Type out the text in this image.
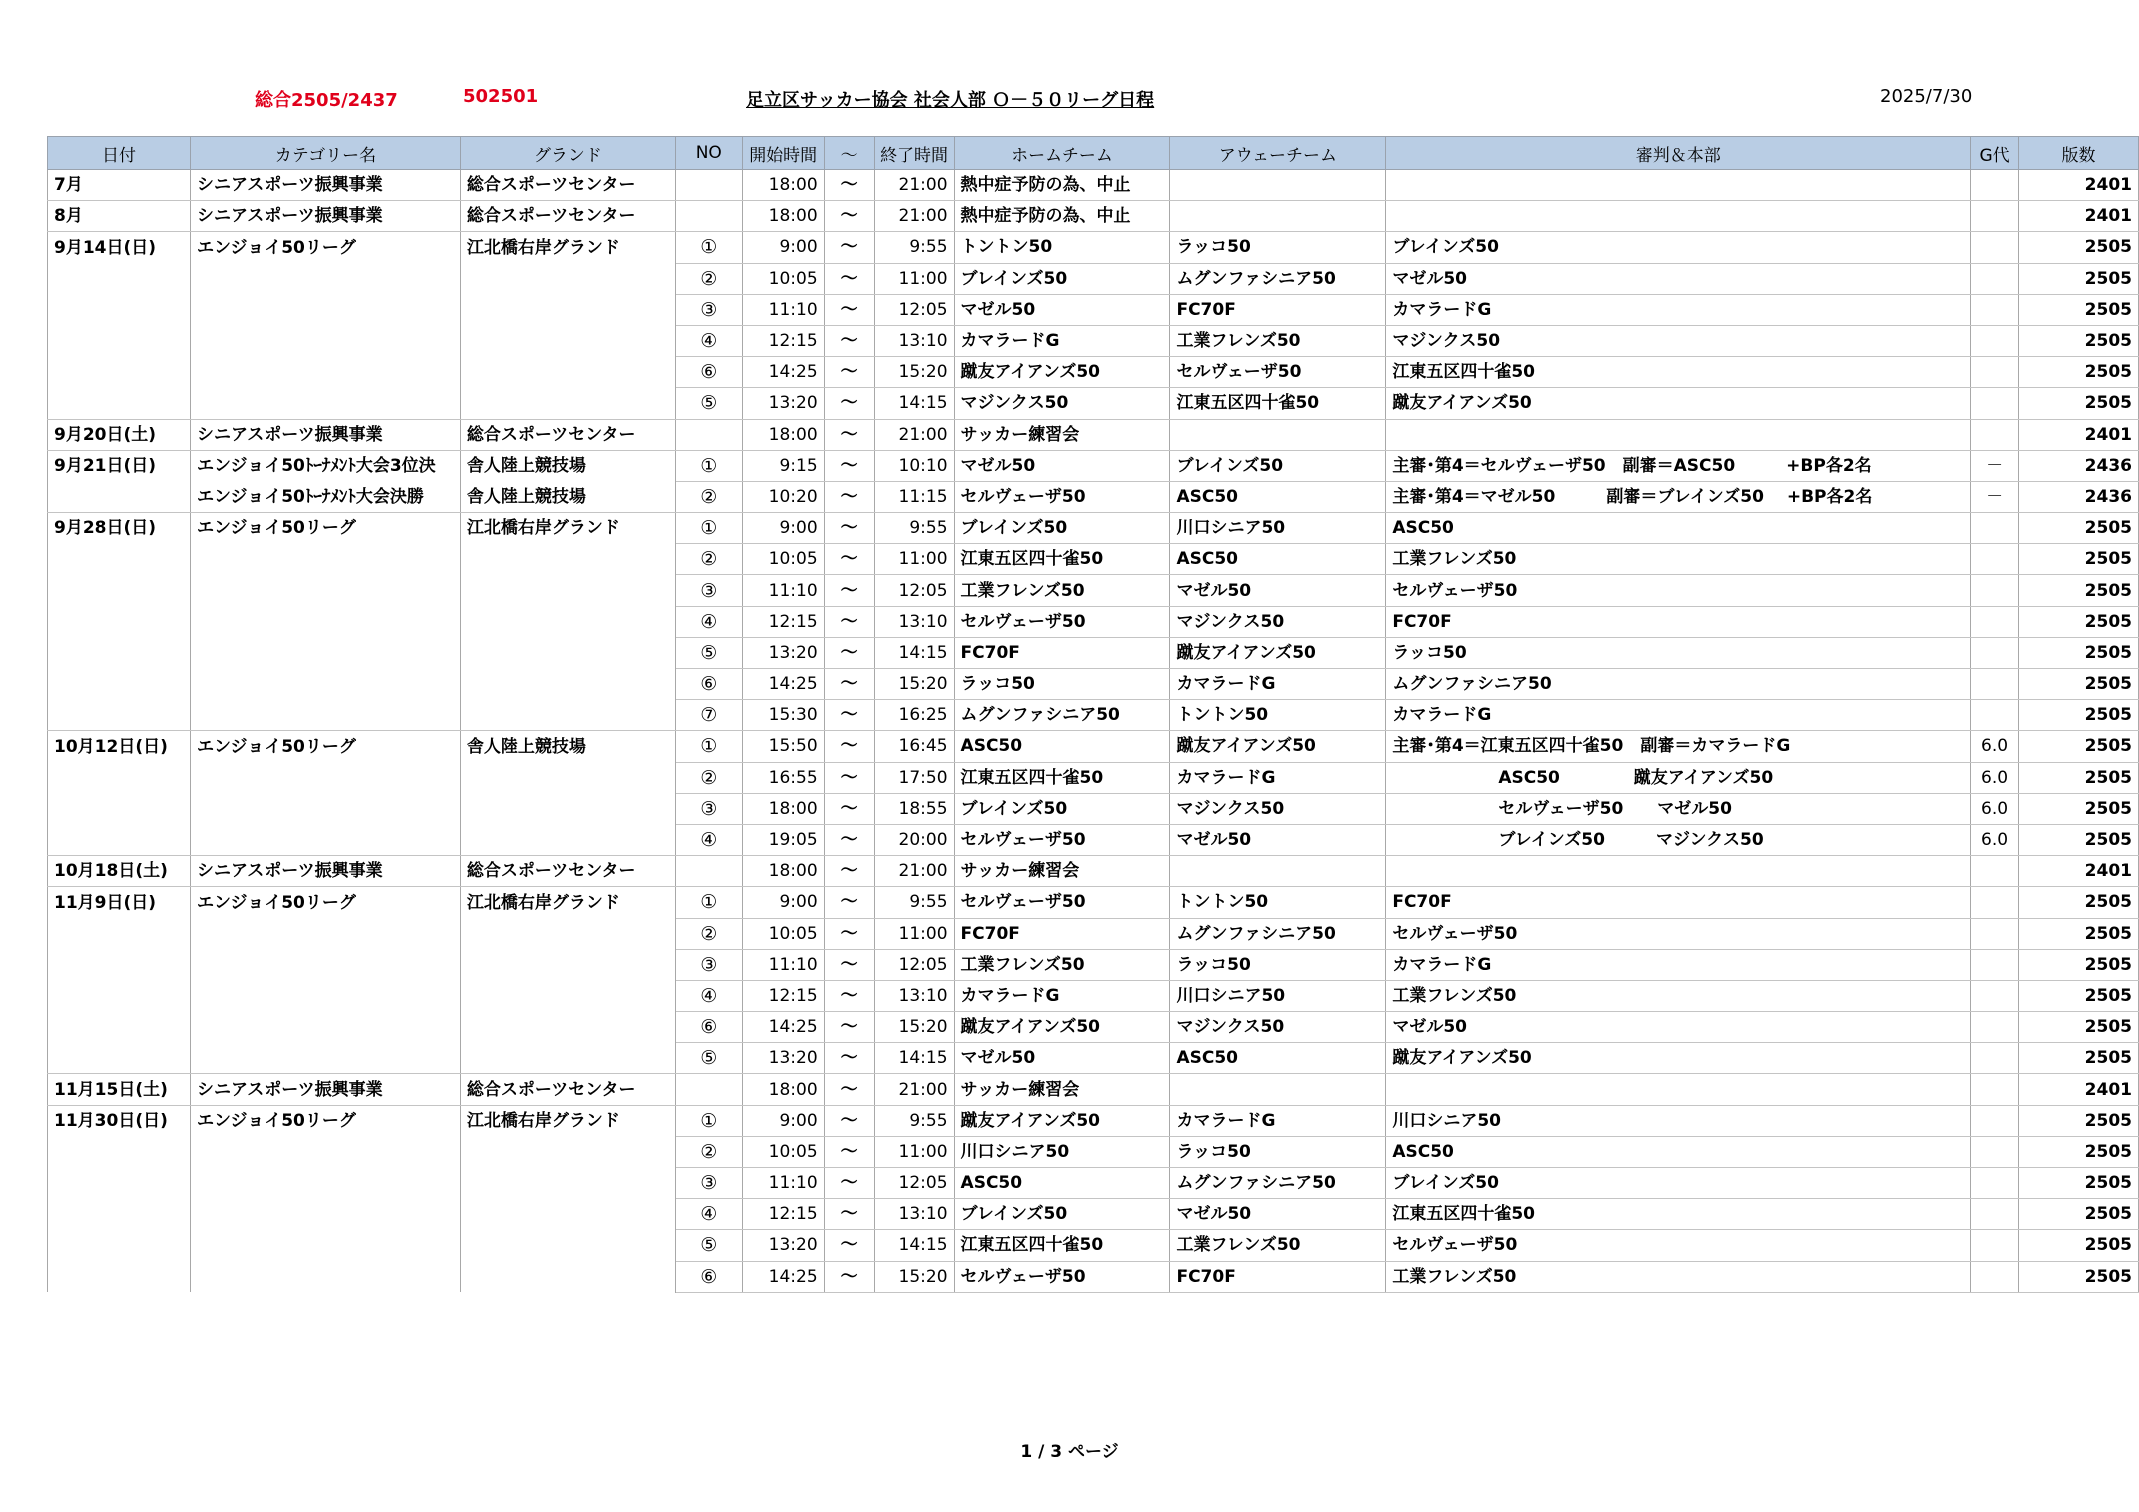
総合2505/2437	502501	足立区サッカー協会 社会人部 Ｏ－５０リーグ日程	2025/7/30
日付	カテゴリー名	グランド	NO	開始時間	～	終了時間	ホームチーム	アウェーチーム	審判＆本部	G代	版数
7月	シニアスポーツ振興事業	総合スポーツセンター		18:00	～	21:00	熱中症予防の為、中止				2401
8月	シニアスポーツ振興事業	総合スポーツセンター		18:00	～	21:00	熱中症予防の為、中止				2401
9月14日(日)	エンジョイ50リーグ	江北橋右岸グランド	①	9:00	～	9:55	トントン50	ラッコ50	ブレインズ50		2505
			②	10:05	～	11:00	ブレインズ50	ムグンファシニア50	マゼル50		2505
			③	11:10	～	12:05	マゼル50	FC70F	カマラードG		2505
			④	12:15	～	13:10	カマラードG	工業フレンズ50	マジンクス50		2505
			⑥	14:25	～	15:20	蹴友アイアンズ50	セルヴェーザ50	江東五区四十雀50		2505
			⑤	13:20	～	14:15	マジンクス50	江東五区四十雀50	蹴友アイアンズ50		2505
9月20日(土)	シニアスポーツ振興事業	総合スポーツセンター		18:00	～	21:00	サッカー練習会				2401
9月21日(日)	エンジョイ50ﾄｰﾅﾒﾝﾄ大会3位決	舎人陸上競技場	①	9:15	～	10:10	マゼル50	ブレインズ50	主審･第4＝セルヴェーザ50　副審＝ASC50　　　+BP各2名	－	2436
	エンジョイ50ﾄｰﾅﾒﾝﾄ大会決勝	舎人陸上競技場	②	10:20	～	11:15	セルヴェーザ50	ASC50	主審･第4＝マゼル50　　　副審＝ブレインズ50　 +BP各2名	－	2436
9月28日(日)	エンジョイ50リーグ	江北橋右岸グランド	①	9:00	～	9:55	ブレインズ50	川口シニア50	ASC50		2505
			②	10:05	～	11:00	江東五区四十雀50	ASC50	工業フレンズ50		2505
			③	11:10	～	12:05	工業フレンズ50	マゼル50	セルヴェーザ50		2505
			④	12:15	～	13:10	セルヴェーザ50	マジンクス50	FC70F		2505
			⑤	13:20	～	14:15	FC70F	蹴友アイアンズ50	ラッコ50		2505
			⑥	14:25	～	15:20	ラッコ50	カマラードG	ムグンファシニア50		2505
			⑦	15:30	～	16:25	ムグンファシニア50	トントン50	カマラードG		2505
10月12日(日)	エンジョイ50リーグ	舎人陸上競技場	①	15:50	～	16:45	ASC50	蹴友アイアンズ50	主審･第4＝江東五区四十雀50　副審＝カマラードG	6.0	2505
			②	16:55	～	17:50	江東五区四十雀50	カマラードG	ASC50　　　　 蹴友アイアンズ50	6.0	2505
			③	18:00	～	18:55	ブレインズ50	マジンクス50	セルヴェーザ50　　マゼル50	6.0	2505
			④	19:05	～	20:00	セルヴェーザ50	マゼル50	ブレインズ50　　　マジンクス50	6.0	2505
10月18日(土)	シニアスポーツ振興事業	総合スポーツセンター		18:00	～	21:00	サッカー練習会				2401
11月9日(日)	エンジョイ50リーグ	江北橋右岸グランド	①	9:00	～	9:55	セルヴェーザ50	トントン50	FC70F		2505
			②	10:05	～	11:00	FC70F	ムグンファシニア50	セルヴェーザ50		2505
			③	11:10	～	12:05	工業フレンズ50	ラッコ50	カマラードG		2505
			④	12:15	～	13:10	カマラードG	川口シニア50	工業フレンズ50		2505
			⑥	14:25	～	15:20	蹴友アイアンズ50	マジンクス50	マゼル50		2505
			⑤	13:20	～	14:15	マゼル50	ASC50	蹴友アイアンズ50		2505
11月15日(土)	シニアスポーツ振興事業	総合スポーツセンター		18:00	～	21:00	サッカー練習会				2401
11月30日(日)	エンジョイ50リーグ	江北橋右岸グランド	①	9:00	～	9:55	蹴友アイアンズ50	カマラードG	川口シニア50		2505
			②	10:05	～	11:00	川口シニア50	ラッコ50	ASC50		2505
			③	11:10	～	12:05	ASC50	ムグンファシニア50	ブレインズ50		2505
			④	12:15	～	13:10	ブレインズ50	マゼル50	江東五区四十雀50		2505
			⑤	13:20	～	14:15	江東五区四十雀50	工業フレンズ50	セルヴェーザ50		2505
			⑥	14:25	～	15:20	セルヴェーザ50	FC70F	工業フレンズ50		2505
1 / 3 ページ
